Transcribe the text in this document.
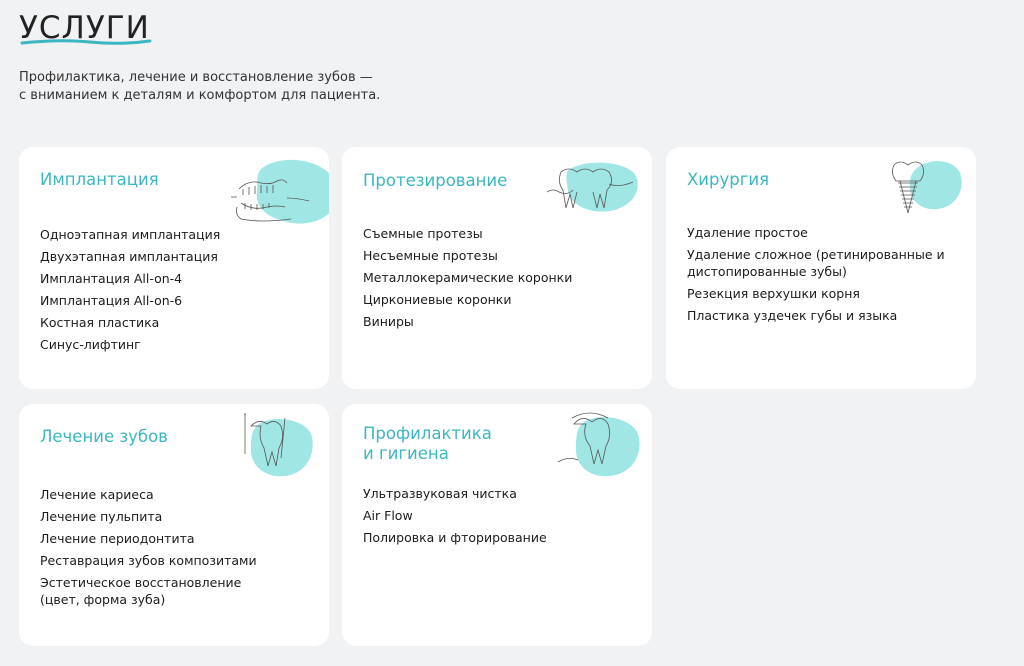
УСЛУГИ
Профилактика, лечение и восстановление зубов —
с вниманием к деталям и комфортом для пациента.
Имплантация
Одноэтапная имплантация
Двухэтапная имплантация
Имплантация All-on-4
Имплантация All-on-6
Костная пластика
Синус-лифтинг
Протезирование
Съемные протезы
Несъемные протезы
Металлокерамические коронки
Циркониевые коронки
Виниры
Хирургия
Удаление простое
Удаление сложное (ретинированные и дистопированные зубы)
Резекция верхушки корня
Пластика уздечек губы и языка
Лечение зубов
Лечение кариеса
Лечение пульпита
Лечение периодонтита
Реставрация зубов композитами
Эстетическое восстановление (цвет, форма зуба)
Профилактика
и гигиена
Ультразвуковая чистка
Air Flow
Полировка и фторирование
